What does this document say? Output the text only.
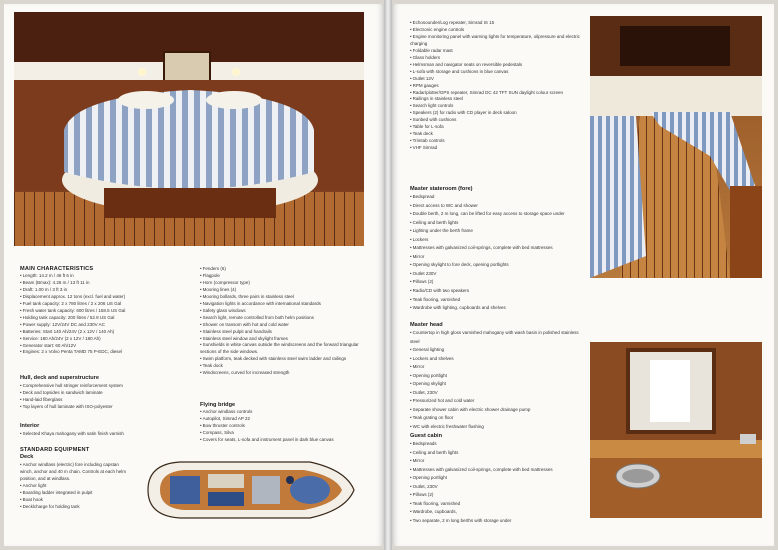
MAIN CHARACTERISTICS
• Length: 14.2 m / 46 ft 6 in
• Beam (Bmax): 4.26 m / 13 ft 11 in
• Draft: 1.00 m / 3 ft 3 in
• Displacement approx. 12 tons (excl. fuel and water)
• Fuel tank capacity: 2 x 780 litres / 2 x 206 US Gal
• Fresh water tank capacity: 600 litres / 158.5 US Gal
• Holding tank capacity: 200 litres / 52.8 US Gal
• Power supply: 12V/24V DC and 230V AC
• Batteries: Start 140 Ah/24V (2 x 12V / 140 Ah)
• Service: 180 Ah/24V (2 x 12V / 180 Ah)
• Generator start: 60 Ah/12V
• Engines: 2 x Volvo Penta TAMD 75 P-EDC, diesel
Hull, deck and superstructure
• Comprehensive hull stringer reinforcement system
• Deck and topsides in sandwich laminate
• Hand-laid fiberglass
• Top layers of hull laminate with ISO-polyester
Interior
• Selected Khaya mahogany with satin finish varnish
STANDARD EQUIPMENT
Deck
• Anchor windlass (electric) fore including capstan winch, anchor and 40 m chain. Controls at each helm position, and at windlass.
• Anchor light
• Boarding ladder integrated in pulpit
• Boat hook
• Decklcharge for holding tank
• Fenders (6)
• Flagpole
• Horn (compressor type)
• Mooring lines (4)
• Mooring bollards, three pairs in stainless steel
• Navigation lights in accordance with international standards
• Safety glass windows
• Search light, remote controlled from both helm positions
• Shower on transom with hot and cold water
• Stainless steel pulpit and handrails
• Stainless steel window and skylight frames
• Sunshields in white canvas outside the windscreens and the forward triangular sections of the side windows.
• Swim platform, teak decked with stainless steel swim ladder and railings
• Teak dock
• Windscreens, curved for increased strength
Flying bridge
• Anchor windlass controls
• Autopilot, Simrad AP 22
• Bow thruster controls
• Compass, Silva
• Covers for seats, L-sofa and instrument panel in dark blue canvas
• Echosounder/Log repeater, Simrad IS 15
• Electronic engine controls
• Engine monitoring panel with warning lights for temperature, oilpressure and electric charging
• Foldable radar mast
• Glass holders
• Helmsman and navigator seats on reversible pedestals
• L-sofa with storage and cushions in blue canvas
• Outlet 12V
• RPM gauges
• Radar/plotter/GPS repeater, Simrad DC 42 TFT SUN daylight colour screen
• Railings in stainless steel
• Search light controls
• Speakers (2) for radio with CD player in deck saloon
• Sunbed with cushions
• Table for L-sofa
• Teak deck
• Trimtab controls
• VHF Simrad
Master stateroom (fore)
• Bedspread
• Direct access to WC and shower
• Double berth, 2 m long, can be lifted for easy access to storage space under
• Ceiling and berth lights
• Lighting under the berth frame
• Lockers
• Mattresses with galvanized coil-springs, complete with bed mattresses
• Mirror
• Opening skylight to fore deck, opening portlights
• Outlet 230V
• Pillows (2)
• Radio/CD with two speakers
• Teak flooring, varnished
• Wardrobe with lighting, cupboards and shelves
Master head
• Countertop in high gloss varnished mahogany with wash basin in polished stainless steel
• General lighting
• Lockers and shelves
• Mirror
• Opening portlight
• Opening skylight
• Outlet, 230V
• Pressurized hot and cold water
• Separate shower cabin with electric shower drainage pump
• Teak grating on floor
• WC with electric freshwater flushing
Guest cabin
• Bedspreads
• Ceiling and berth lights
• Mirror
• Mattresses with galvanized coil-springs, complete with bed mattresses
• Opening portlight
• Outlet, 230V
• Pillows (2)
• Teak flooring, varnished
• Wardrobe, cupboards,
• Two separate, 2 m long berths with storage under
